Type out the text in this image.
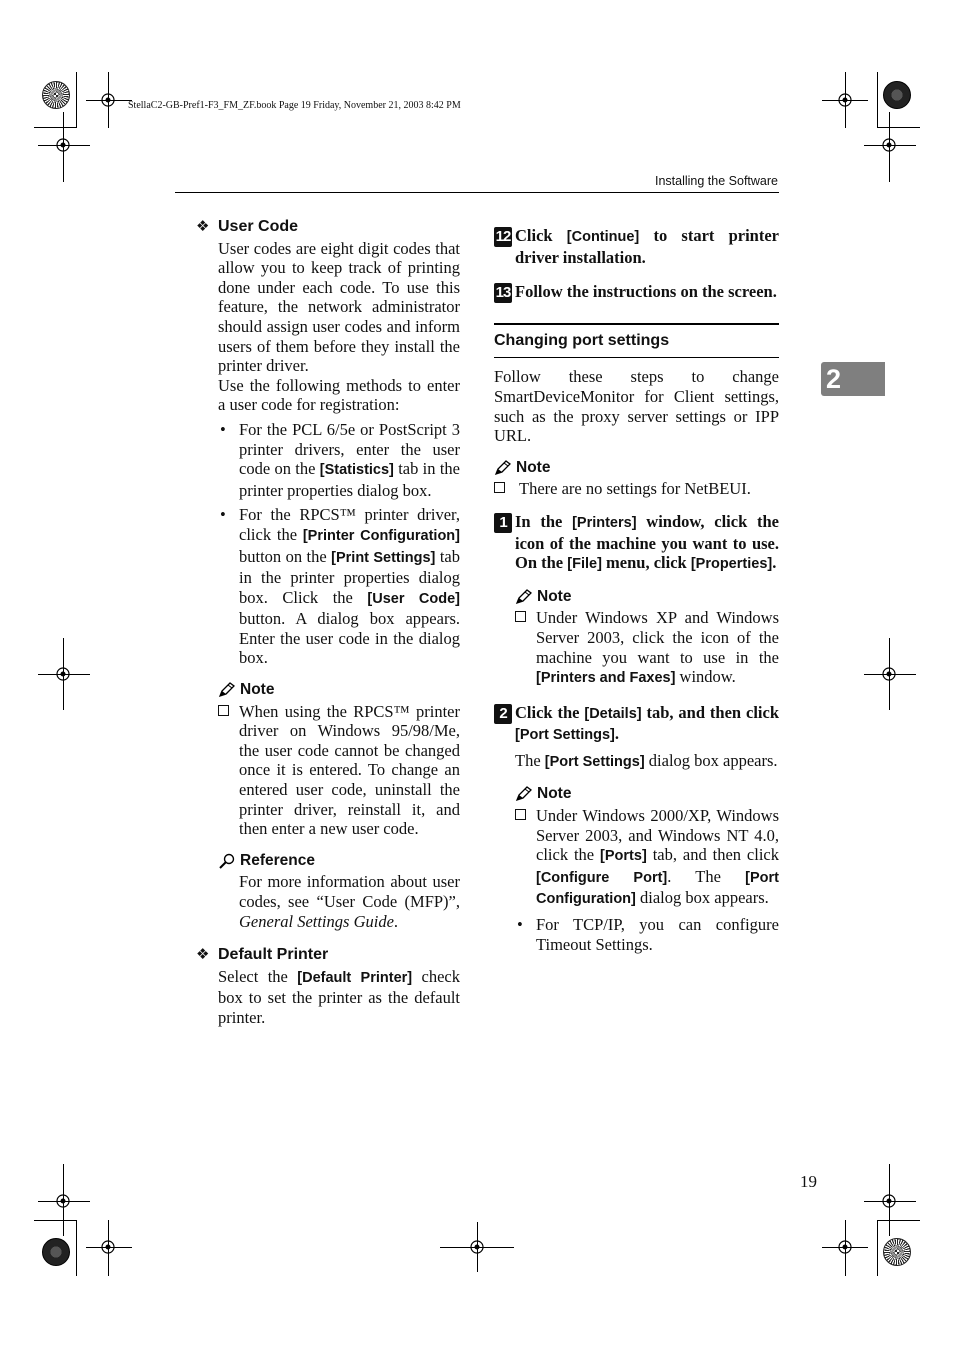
StellaC2-GB-Pref1-F3_FM_ZF.book Page 19 Friday, November 21, 2003 8:42 PM
Installing the Software
2
❖ User Code

User codes are eight digit codes that allow you to keep track of printing done under each code. To use this feature, the network administrator should assign user codes and inform users of them before they install the printer driver.

Use the following methods to enter a user code for registration:

• For the PCL 6/5e or PostScript 3 printer drivers, enter the user code on the [Statistics] tab in the printer properties dialog box.
• For the RPCS™ printer driver, click the [Printer Configuration] button on the [Print Settings] tab in the printer properties dialog box. Click the [User Code] button. A dialog box appears. Enter the user code in the dialog box.
Note
When using the RPCS™ printer driver on Windows 95/98/Me, the user code cannot be changed once it is entered. To change an entered user code, uninstall the printer driver, reinstall it, and then enter a new user code.
Reference

For more information about user codes, see “User Code (MFP)”, General Settings Guide.

❖ Default Printer

Select the [Default Printer] check box to set the printer as the default printer.

12 Click [Continue] to start printer driver installation.
13 Follow the instructions on the screen.
Changing port settings

Follow these steps to change SmartDeviceMonitor for Client settings, such as the proxy server settings or IPP URL.

Note
There are no settings for NetBEUI.
1 In the [Printers] window, click the icon of the machine you want to use. On the [File] menu, click [Properties].
Note
Under Windows XP and Windows Server 2003, click the icon of the machine you want to use in the [Printers and Faxes] window.
2 Click the [Details] tab, and then click [Port Settings].

The [Port Settings] dialog box appears.

Note
Under Windows 2000/XP, Windows Server 2003, and Windows NT 4.0, click the [Ports] tab, and then click [Configure Port]. The [Port Configuration] dialog box appears.
• For TCP/IP, you can configure Timeout Settings.
19
